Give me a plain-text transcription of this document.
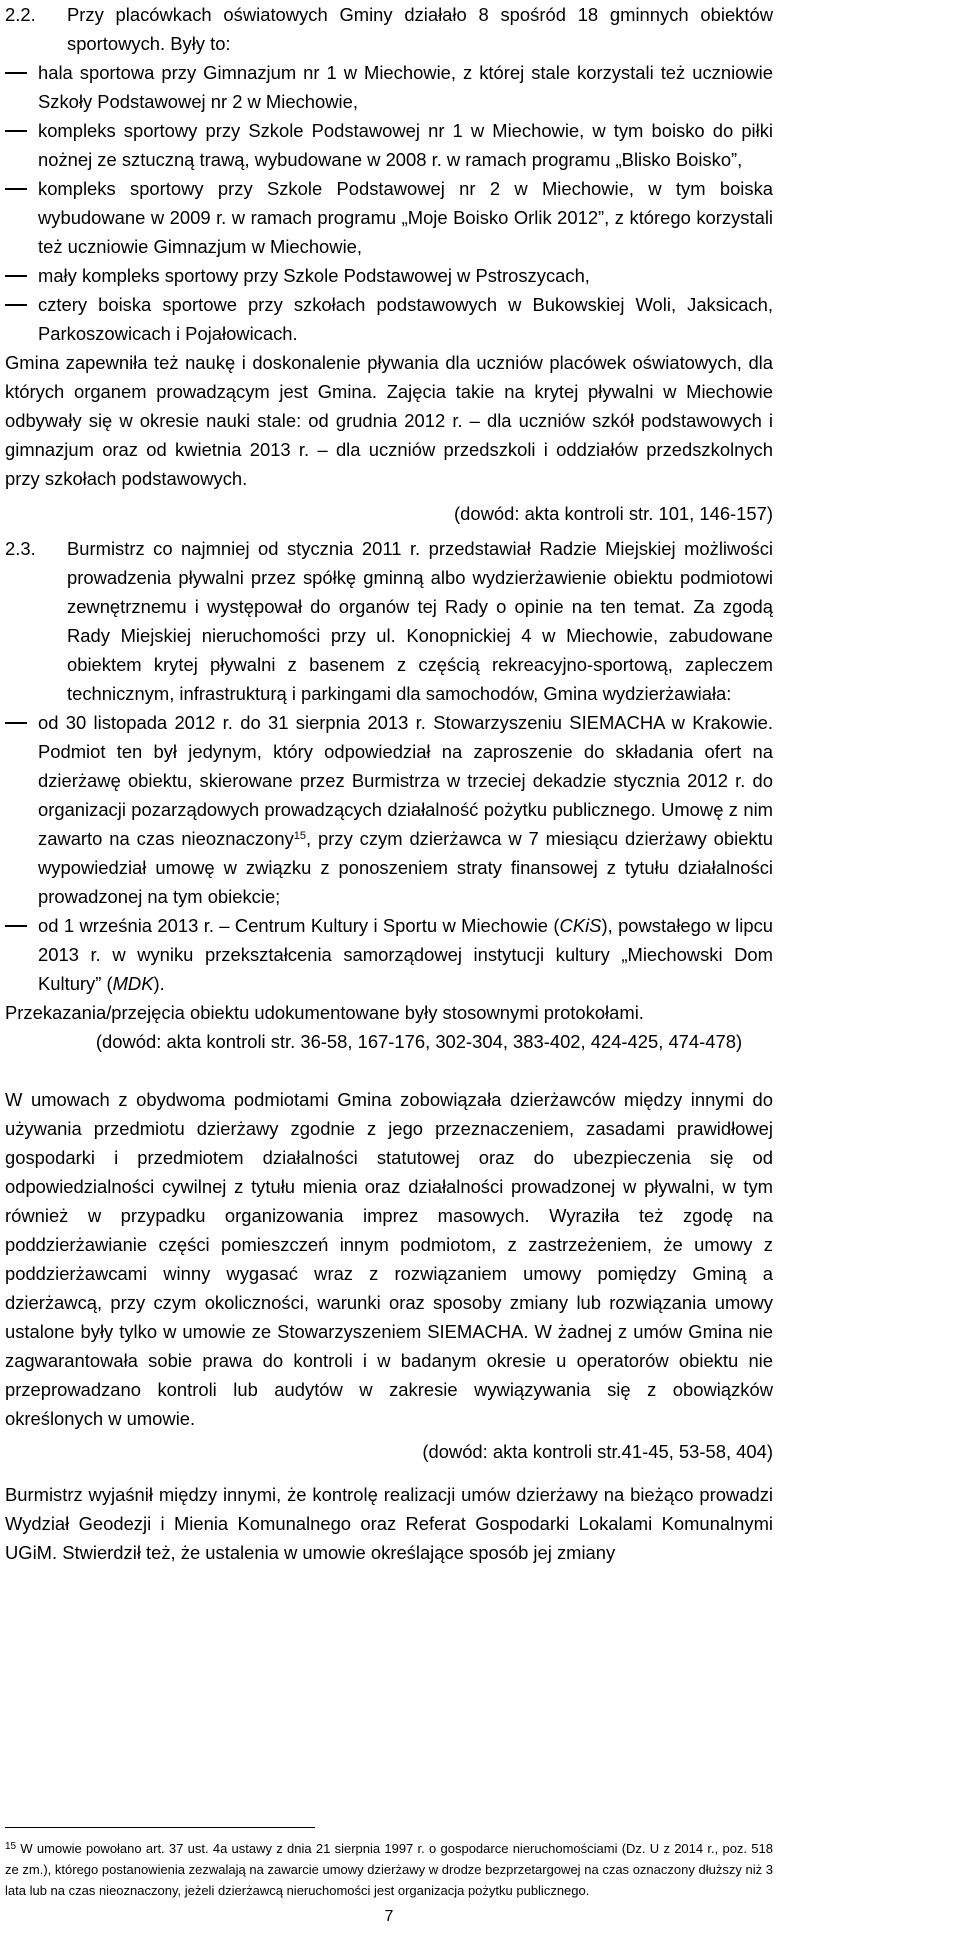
2.2.	Przy placówkach oświatowych Gminy działało 8 spośród 18 gminnych obiektów sportowych. Były to:
hala sportowa przy Gimnazjum nr 1 w Miechowie, z której stale korzystali też uczniowie Szkoły Podstawowej nr 2 w Miechowie,
kompleks sportowy przy Szkole Podstawowej nr 1 w Miechowie, w tym boisko do piłki nożnej ze sztuczną trawą, wybudowane w 2008 r. w ramach programu „Blisko Boisko”,
kompleks sportowy przy Szkole Podstawowej nr 2 w Miechowie, w tym boiska wybudowane w 2009 r. w ramach programu „Moje Boisko Orlik 2012”, z którego korzystali też uczniowie Gimnazjum w Miechowie,
mały kompleks sportowy przy Szkole Podstawowej w Pstroszycach,
cztery boiska sportowe przy szkołach podstawowych w Bukowskiej Woli, Jaksicach, Parkoszowicach i Pojałowicach.

Gmina zapewniła też naukę i doskonalenie pływania dla uczniów placówek oświatowych, dla których organem prowadzącym jest Gmina. Zajęcia takie na krytej pływalni w Miechowie odbywały się w okresie nauki stale: od grudnia 2012 r. – dla uczniów szkół podstawowych i gimnazjum oraz od kwietnia 2013 r. – dla uczniów przedszkoli i oddziałów przedszkolnych przy szkołach podstawowych.

(dowód: akta kontroli str. 101, 146-157)

2.3.	Burmistrz co najmniej od stycznia 2011 r. przedstawiał Radzie Miejskiej możliwości prowadzenia pływalni przez spółkę gminną albo wydzierżawienie obiektu podmiotowi zewnętrznemu i występował do organów tej Rady o opinie na ten temat. Za zgodą Rady Miejskiej nieruchomości przy ul. Konopnickiej 4 w Miechowie, zabudowane obiektem krytej pływalni z basenem z częścią rekreacyjno-sportową, zapleczem technicznym, infrastrukturą i parkingami dla samochodów, Gmina wydzierżawiała:
od 30 listopada 2012 r. do 31 sierpnia 2013 r. Stowarzyszeniu SIEMACHA w Krakowie. Podmiot ten był jedynym, który odpowiedział na zaproszenie do składania ofert na dzierżawę obiektu, skierowane przez Burmistrza w trzeciej dekadzie stycznia 2012 r. do organizacji pozarządowych prowadzących działalność pożytku publicznego. Umowę z nim zawarto na czas nieoznaczony$^{15}$, przy czym dzierżawca w 7 miesiącu dzierżawy obiektu wypowiedział umowę w związku z ponoszeniem straty finansowej z tytułu działalności prowadzonej na tym obiekcie;
od 1 września 2013 r. – Centrum Kultury i Sportu w Miechowie (CKiS), powstałego w lipcu 2013 r. w wyniku przekształcenia samorządowej instytucji kultury „Miechowski Dom Kultury” (MDK).

Przekazania/przejęcia obiektu udokumentowane były stosownymi protokołami.

(dowód: akta kontroli str. 36-58, 167-176, 302-304, 383-402, 424-425, 474-478)

W umowach z obydwoma podmiotami Gmina zobowiązała dzierżawców między innymi do używania przedmiotu dzierżawy zgodnie z jego przeznaczeniem, zasadami prawidłowej gospodarki i przedmiotem działalności statutowej oraz do ubezpieczenia się od odpowiedzialności cywilnej z tytułu mienia oraz działalności prowadzonej w pływalni, w tym również w przypadku organizowania imprez masowych. Wyraziła też zgodę na poddzierżawianie części pomieszczeń innym podmiotom, z zastrzeżeniem, że umowy z poddzierżawcami winny wygasać wraz z rozwiązaniem umowy pomiędzy Gminą a dzierżawcą, przy czym okoliczności, warunki oraz sposoby zmiany lub rozwiązania umowy ustalone były tylko w umowie ze Stowarzyszeniem SIEMACHA. W żadnej z umów Gmina nie zagwarantowała sobie prawa do kontroli i w badanym okresie u operatorów obiektu nie przeprowadzano kontroli lub audytów w zakresie wywiązywania się z obowiązków określonych w umowie.

(dowód: akta kontroli str.41-45, 53-58, 404)

Burmistrz wyjaśnił między innymi, że kontrolę realizacji umów dzierżawy na bieżąco prowadzi Wydział Geodezji i Mienia Komunalnego oraz Referat Gospodarki Lokalami Komunalnymi UGiM. Stwierdził też, że ustalenia w umowie określające sposób jej zmiany

$^{15}$ W umowie powołano art. 37 ust. 4a ustawy z dnia 21 sierpnia 1997 r. o gospodarce nieruchomościami (Dz. U z 2014 r., poz. 518 ze zm.), którego postanowienia zezwalają na zawarcie umowy dzierżawy w drodze bezprzetargowej na czas oznaczony dłuższy niż 3 lata lub na czas nieoznaczony, jeżeli dzierżawcą nieruchomości jest organizacja pożytku publicznego.
7
